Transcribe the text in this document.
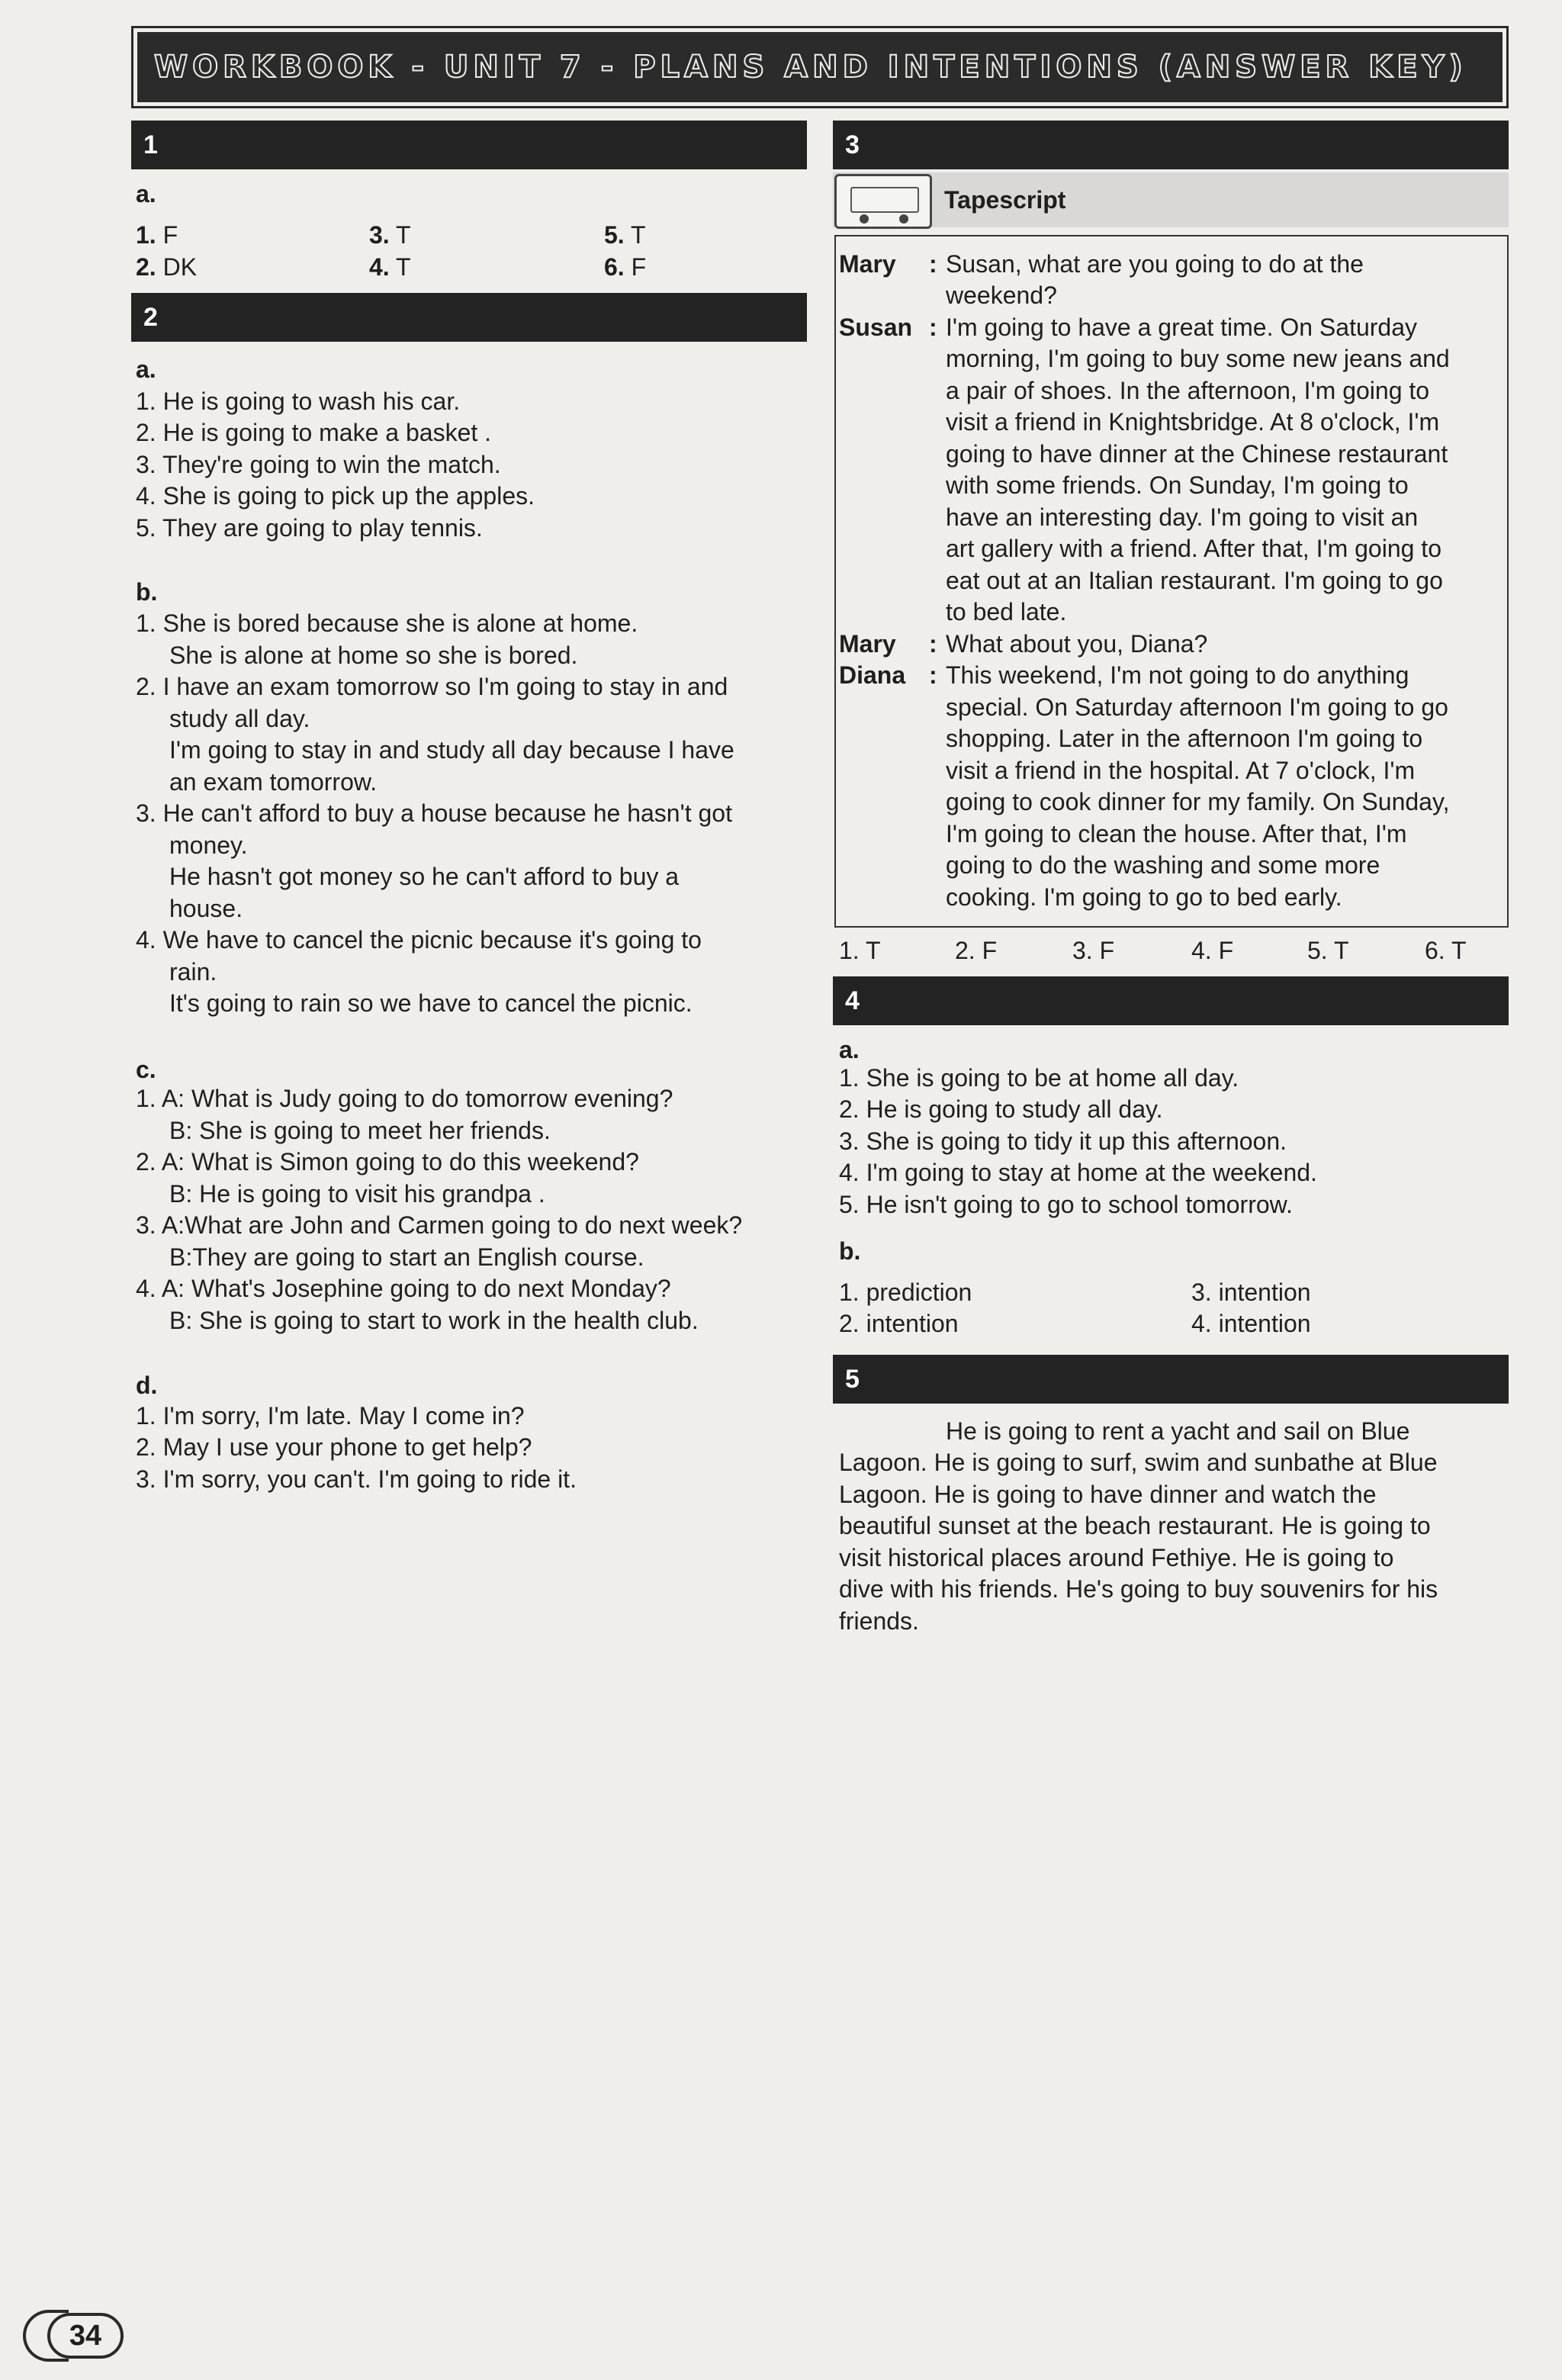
WORKBOOK - UNIT 7 - PLANS AND INTENTIONS (ANSWER KEY)
1
a.
1. F	3. T	5. T
2. DK	4. T	6. F
2
a.
1. He is going to wash his car.
2. He is going to make a basket .
3. They're going to win the match.
4. She is going to pick up the apples.
5. They are going to play tennis.
b.
1. She is bored because she is alone at home.
She is alone at home so she is bored.
2. I have an exam tomorrow so I'm going to stay in and
study all day.
I'm going to stay in and study all day because I have
an exam tomorrow.
3. He can't afford to buy a house because he hasn't got
money.
He hasn't got money so he can't afford to buy a
house.
4. We have to cancel the picnic because it's going to
rain.
It's going to rain so we have to cancel the picnic.
c.
1. A: What is Judy going to do tomorrow evening?
B: She is going to meet her friends.
2. A: What is Simon going to do this weekend?
B: He is going to visit his grandpa .
3. A:What are John and Carmen going to do next week?
B:They are going to start an English course.
4. A: What's Josephine going to do next Monday?
B: She is going to start to work in the health club.
d.
1. I'm sorry, I'm late. May I come in?
2. May I use your phone to get help?
3. I'm sorry, you can't. I'm going to ride it.
3
Tapescript
Mary : Susan, what are you going to do at the
weekend?
Susan : I'm going to have a great time. On Saturday
morning, I'm going to buy some new jeans and
a pair of shoes. In the afternoon, I'm going to
visit a friend in Knightsbridge. At 8 o'clock, I'm
going to have dinner at the Chinese restaurant
with some friends. On Sunday, I'm going to
have an interesting day. I'm going to visit an
art gallery with a friend. After that, I'm going to
eat out at an Italian restaurant. I'm going to go
to bed late.
Mary : What about you, Diana?
Diana : This weekend, I'm not going to do anything
special. On Saturday afternoon I'm going to go
shopping. Later in the afternoon I'm going to
visit a friend in the hospital. At 7 o'clock, I'm
going to cook dinner for my family. On Sunday,
I'm going to clean the house. After that, I'm
going to do the washing and some more
cooking. I'm going to go to bed early.
1. T	2. F	3. F	4. F	5. T	6. T
4
a.
1. She is going to be at home all day.
2. He is going to study all day.
3. She is going to tidy it up this afternoon.
4. I'm going to stay at home at the weekend.
5. He isn't going to go to school tomorrow.
b.
1. prediction	3. intention
2. intention	4. intention
5
He is going to rent a yacht and sail on Blue
Lagoon. He is going to surf, swim and sunbathe at Blue
Lagoon. He is going to have dinner and watch the
beautiful sunset at the beach restaurant. He is going to
visit historical places around Fethiye. He is going to
dive with his friends. He's going to buy souvenirs for his
friends.
34
